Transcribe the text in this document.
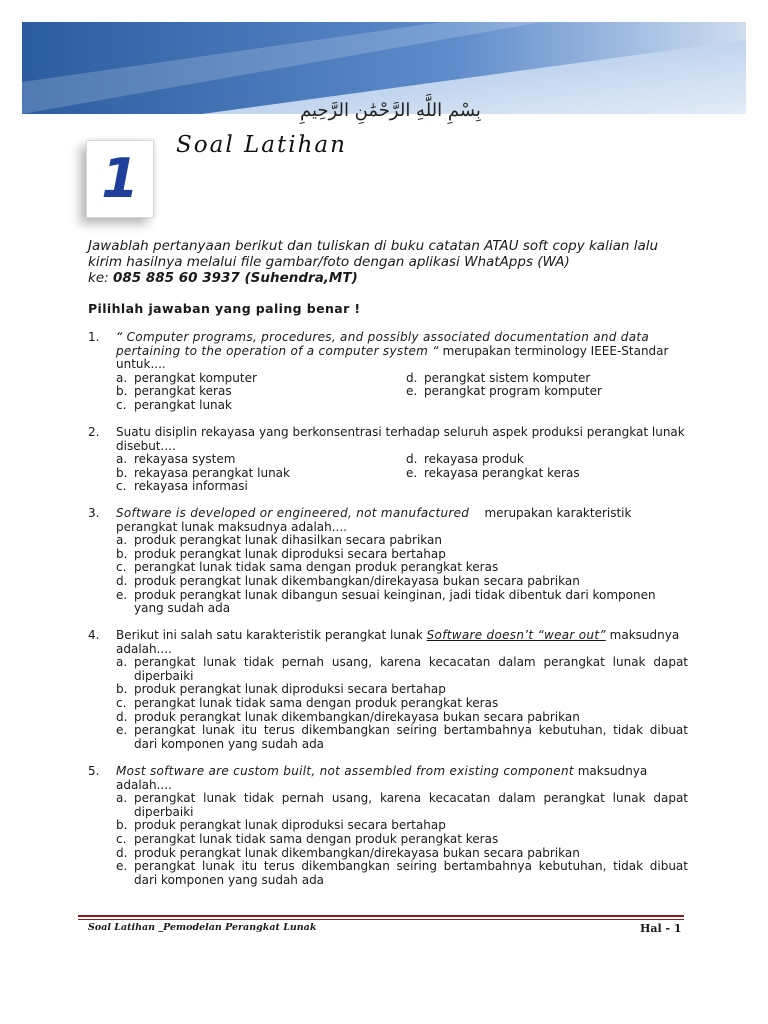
بِسْمِ اللَّهِ الرَّحْمَٰنِ الرَّحِيمِ
1
Soal Latihan
Jawablah pertanyaan berikut dan tuliskan di buku catatan ATAU soft copy kalian lalu
kirim hasilnya melalui file gambar/foto dengan aplikasi WhatApps (WA)
ke: 085 885 60 3937 (Suhendra,MT)
Pilihlah jawaban yang paling benar !
1. “ Computer programs, procedures, and possibly associated documentation and data pertaining to the operation of a computer system “ merupakan terminology IEEE-Standar untuk....
a. perangkat komputer	d. perangkat sistem komputer
b. perangkat keras	e. perangkat program komputer
c. perangkat lunak
2. Suatu disiplin rekayasa yang berkonsentrasi terhadap seluruh aspek produksi perangkat lunak disebut....
a. rekayasa system	d. rekayasa produk
b. rekayasa perangkat lunak	e. rekayasa perangkat keras
c. rekayasa informasi
3. Software is developed or engineered, not manufactured    merupakan karakteristik perangkat lunak maksudnya adalah....
a. produk perangkat lunak dihasilkan secara pabrikan
b. produk perangkat lunak diproduksi secara bertahap
c. perangkat lunak tidak sama dengan produk perangkat keras
d. produk perangkat lunak dikembangkan/direkayasa bukan secara pabrikan
e. produk perangkat lunak dibangun sesuai keinginan, jadi tidak dibentuk dari komponen yang sudah ada
4. Berikut ini salah satu karakteristik perangkat lunak Software doesn’t “wear out” maksudnya adalah....
a. perangkat lunak tidak pernah usang, karena kecacatan dalam perangkat lunak dapat diperbaiki
b. produk perangkat lunak diproduksi secara bertahap
c. perangkat lunak tidak sama dengan produk perangkat keras
d. produk perangkat lunak dikembangkan/direkayasa bukan secara pabrikan
e. perangkat lunak itu terus dikembangkan seiring bertambahnya kebutuhan, tidak dibuat dari komponen yang sudah ada
5. Most software are custom built, not assembled from existing component maksudnya adalah....
a. perangkat lunak tidak pernah usang, karena kecacatan dalam perangkat lunak dapat diperbaiki
b. produk perangkat lunak diproduksi secara bertahap
c. perangkat lunak tidak sama dengan produk perangkat keras
d. produk perangkat lunak dikembangkan/direkayasa bukan secara pabrikan
e. perangkat lunak itu terus dikembangkan seiring bertambahnya kebutuhan, tidak dibuat dari komponen yang sudah ada
Soal Latihan _Pemodelan Perangkat Lunak	Hal - 1
